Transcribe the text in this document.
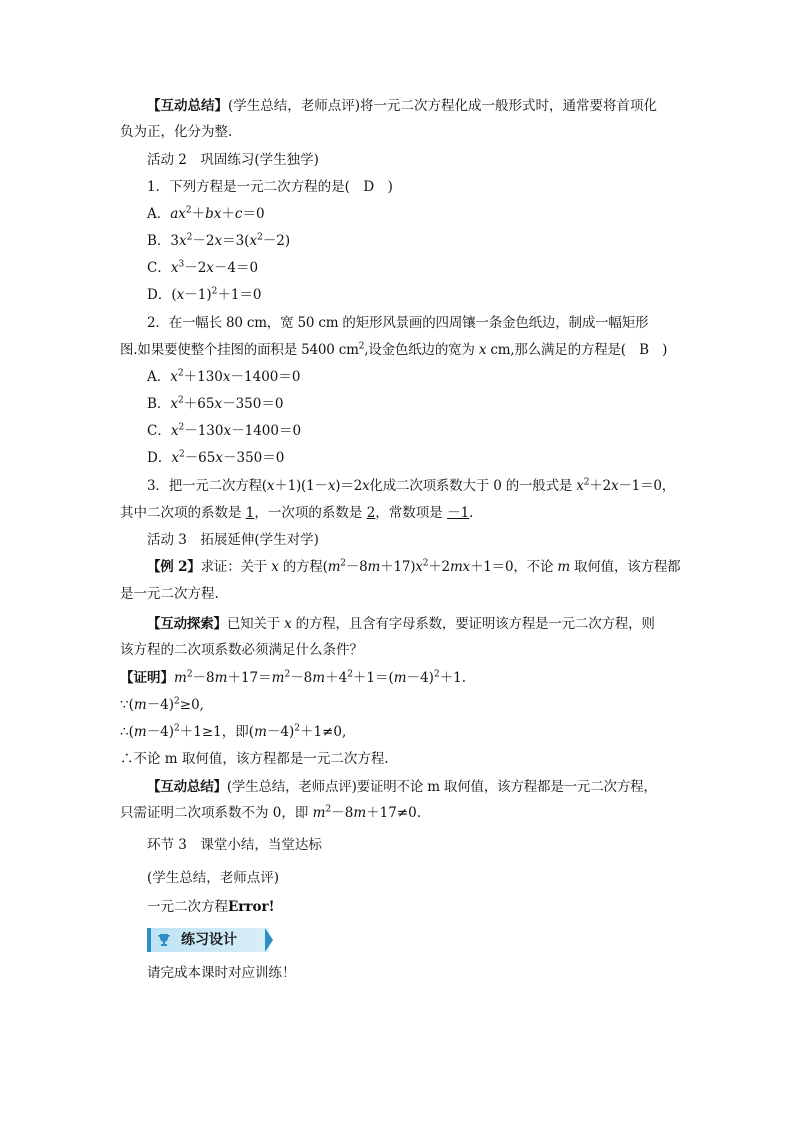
【互动总结】(学生总结，老师点评)将一元二次方程化成一般形式时，通常要将首项化
负为正，化分为整.
活动 2　巩固练习(学生独学)
1．下列方程是一元二次方程的是(　D　)
A．$ax^2+bx+c=0$
B．$3x^2-2x=3(x^2-2)$
C．$x^3-2x-4=0$
D．$(x-1)^2+1=0$
2．在一幅长 80 cm，宽 50 cm 的矩形风景画的四周镶一条金色纸边，制成一幅矩形
图.如果要使整个挂图的面积是 5400 $cm^2$,设金色纸边的宽为 x cm,那么满足的方程是(　B　)
A．$x^2+130x-1400=0$
B．$x^2+65x-350=0$
C．$x^2-130x-1400=0$
D．$x^2-65x-350=0$
3．把一元二次方程(x＋1)(1－x)＝2x化成二次项系数大于 0 的一般式是 $x^2+2x-1=0$，
其中二次项的系数是 1，一次项的系数是 2，常数项是 －1.
活动 3　拓展延伸(学生对学)
【例 2】求证：关于 x 的方程$(m^2-8m+17)x^2+2mx+1=0$，不论 m 取何值，该方程都
是一元二次方程.
【互动探索】已知关于 x 的方程，且含有字母系数，要证明该方程是一元二次方程，则
该方程的二次项系数必须满足什么条件？
【证明】$m^2-8m+17=m^2-8m+4^2+1=(m-4)^2+1$.
$\because(m-4)^2\ge 0$,
$\therefore(m-4)^2+1\ge 1$，即$(m-4)^2+1\ne 0$,
∴不论 m 取何值，该方程都是一元二次方程.
【互动总结】(学生总结，老师点评)要证明不论 m 取何值，该方程都是一元二次方程，
只需证明二次项系数不为 0，即 $m^2-8m+17\ne 0$.
环节 3　课堂小结，当堂达标
(学生总结，老师点评)
一元二次方程Error!
练习设计
请完成本课时对应训练！
